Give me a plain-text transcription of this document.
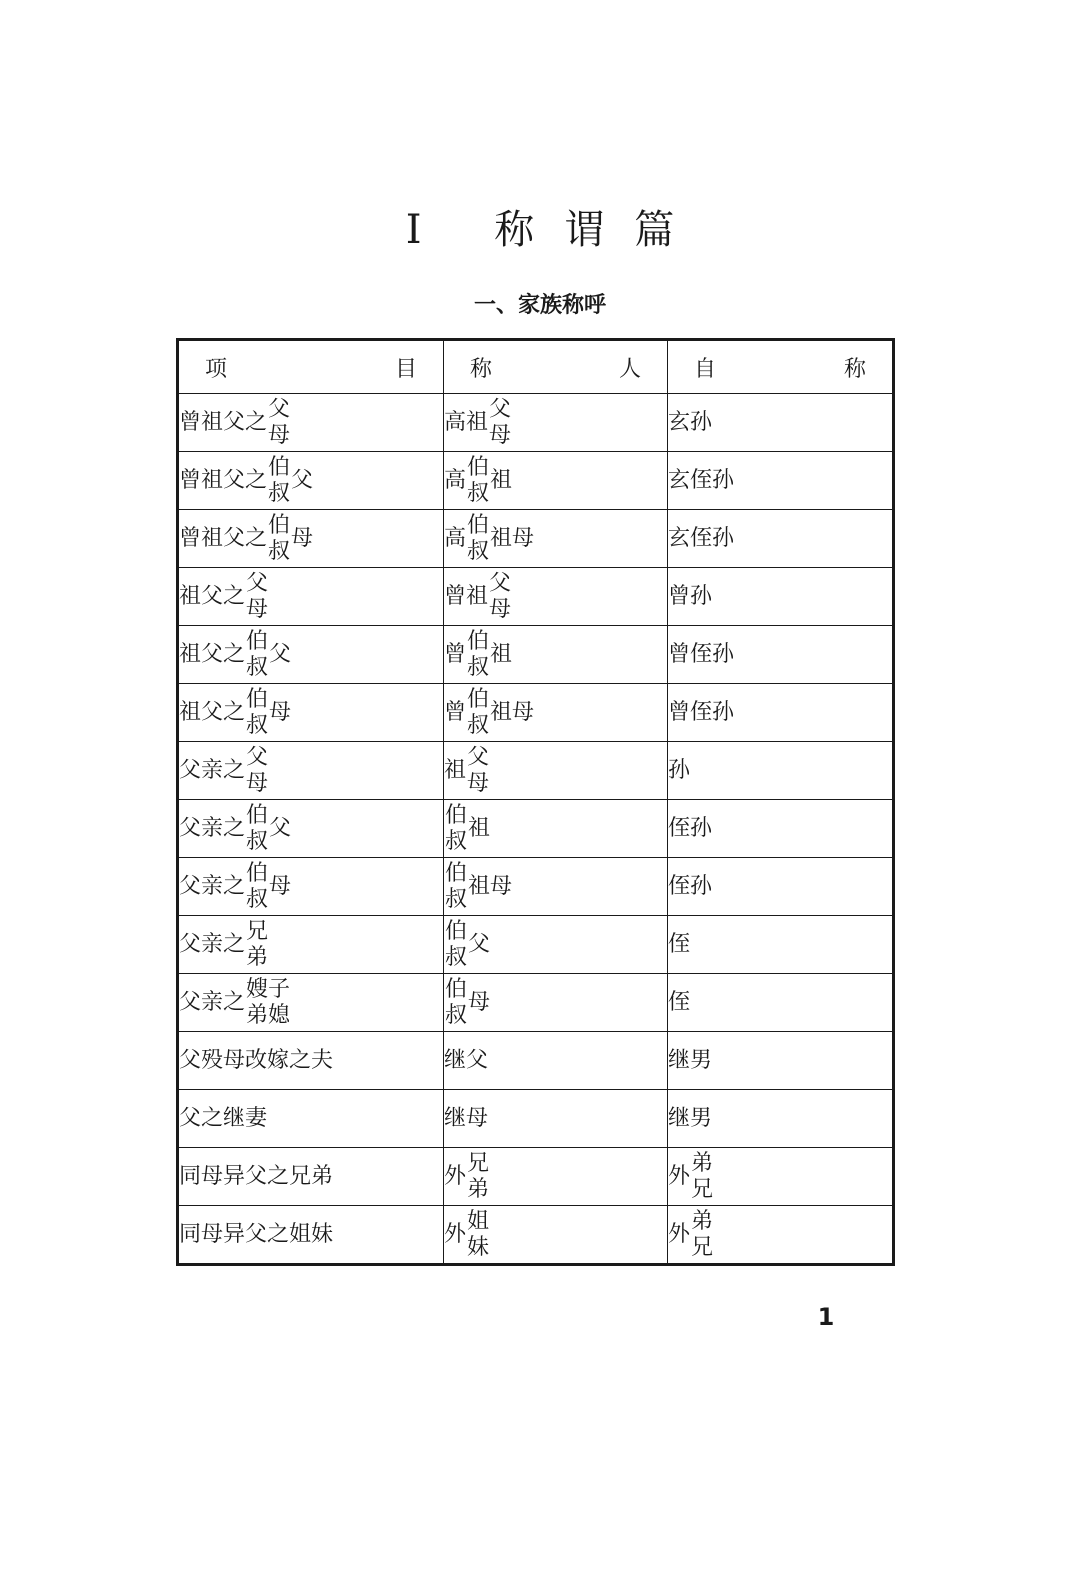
I 称谓篇
一、家族称呼
项 目	称 人	自 称

曾祖父之
父
母	高祖
父
母	玄孙

曾祖父之
伯
叔
父	高
伯
叔
祖	玄侄孙

曾祖父之
伯
叔
母	高
伯
叔
祖母	玄侄孙

祖父之
父
母	曾祖
父
母	曾孙

祖父之
伯
叔
父	曾
伯
叔
祖	曾侄孙

祖父之
伯
叔
母	曾
伯
叔
祖母	曾侄孙

父亲之
父
母	祖
父
母	孙

父亲之
伯
叔
父	伯
叔
祖	侄孙

父亲之
伯
叔
母	伯
叔
祖母	侄孙

父亲之
兄
弟	伯
叔
父	侄

父亲之
嫂子
弟媳	伯
叔
母	侄

父殁母改嫁之夫	继父	继男

父之继妻	继母	继男

同母异父之兄弟	外
兄
弟	外
弟
兄

同母异父之姐妹	外
姐
妹	外
弟
兄
1
